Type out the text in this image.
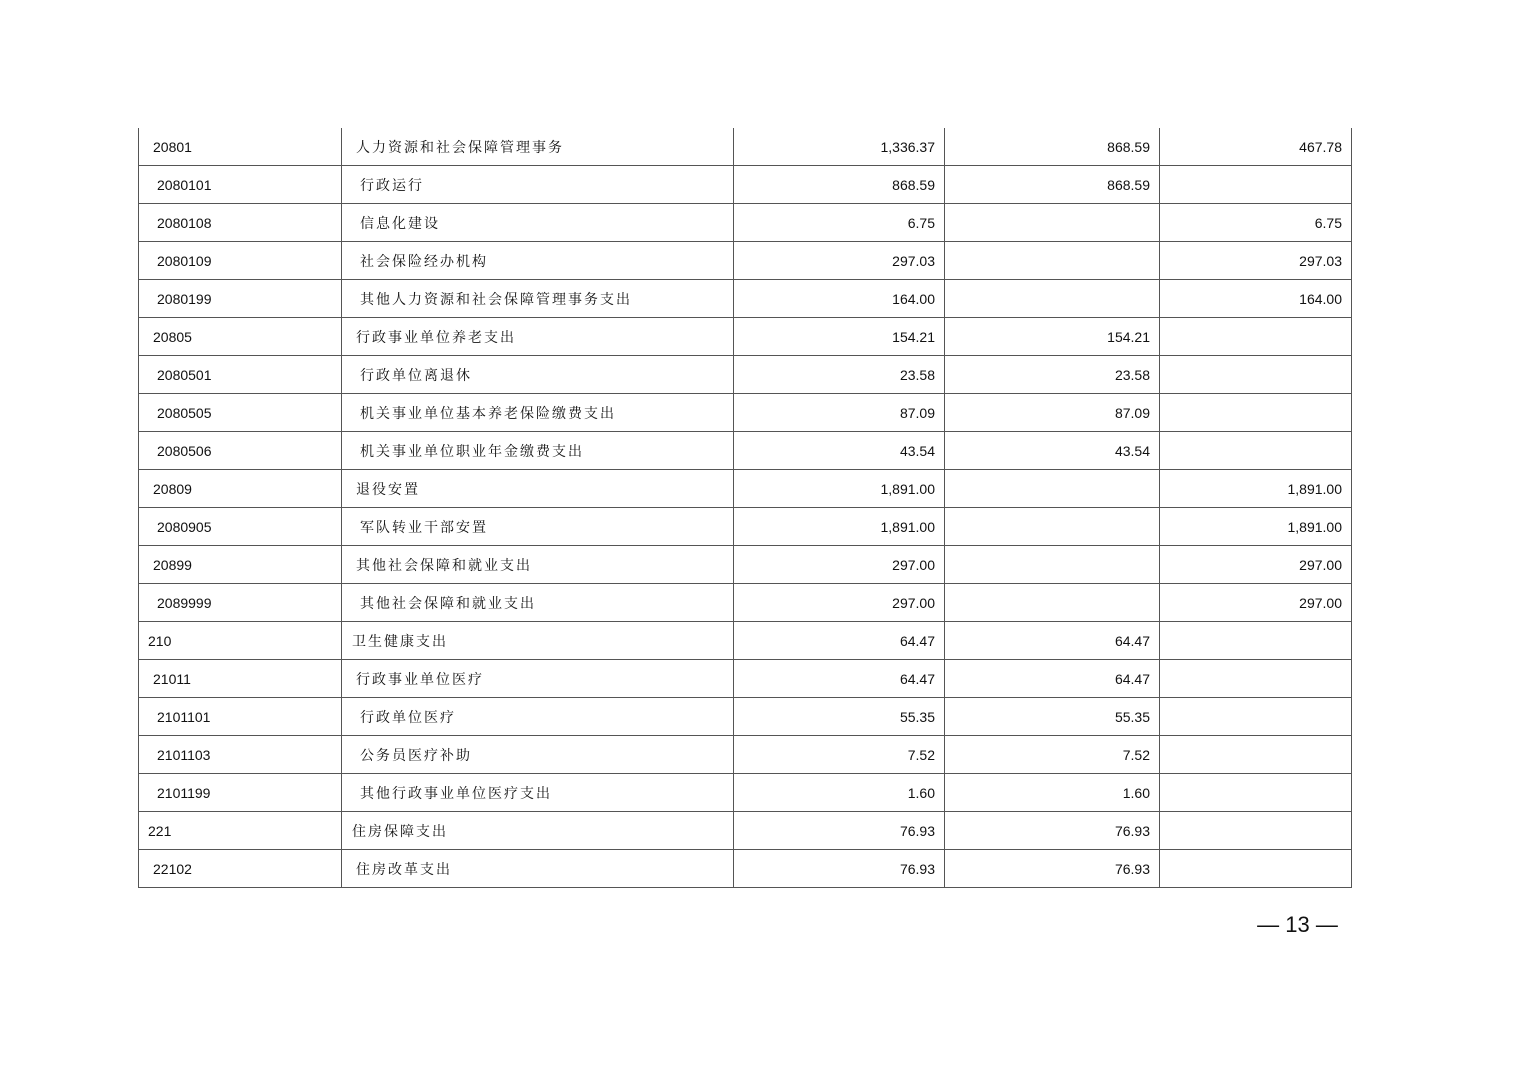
20801	人力资源和社会保障管理事务	1,336.37	868.59	467.78
2080101	行政运行	868.59	868.59	
2080108	信息化建设	6.75		6.75
2080109	社会保险经办机构	297.03		297.03
2080199	其他人力资源和社会保障管理事务支出	164.00		164.00
20805	行政事业单位养老支出	154.21	154.21	
2080501	行政单位离退休	23.58	23.58	
2080505	机关事业单位基本养老保险缴费支出	87.09	87.09	
2080506	机关事业单位职业年金缴费支出	43.54	43.54	
20809	退役安置	1,891.00		1,891.00
2080905	军队转业干部安置	1,891.00		1,891.00
20899	其他社会保障和就业支出	297.00		297.00
2089999	其他社会保障和就业支出	297.00		297.00
210	卫生健康支出	64.47	64.47	
21011	行政事业单位医疗	64.47	64.47	
2101101	行政单位医疗	55.35	55.35	
2101103	公务员医疗补助	7.52	7.52	
2101199	其他行政事业单位医疗支出	1.60	1.60	
221	住房保障支出	76.93	76.93	
22102	住房改革支出	76.93	76.93	
— 13 —
